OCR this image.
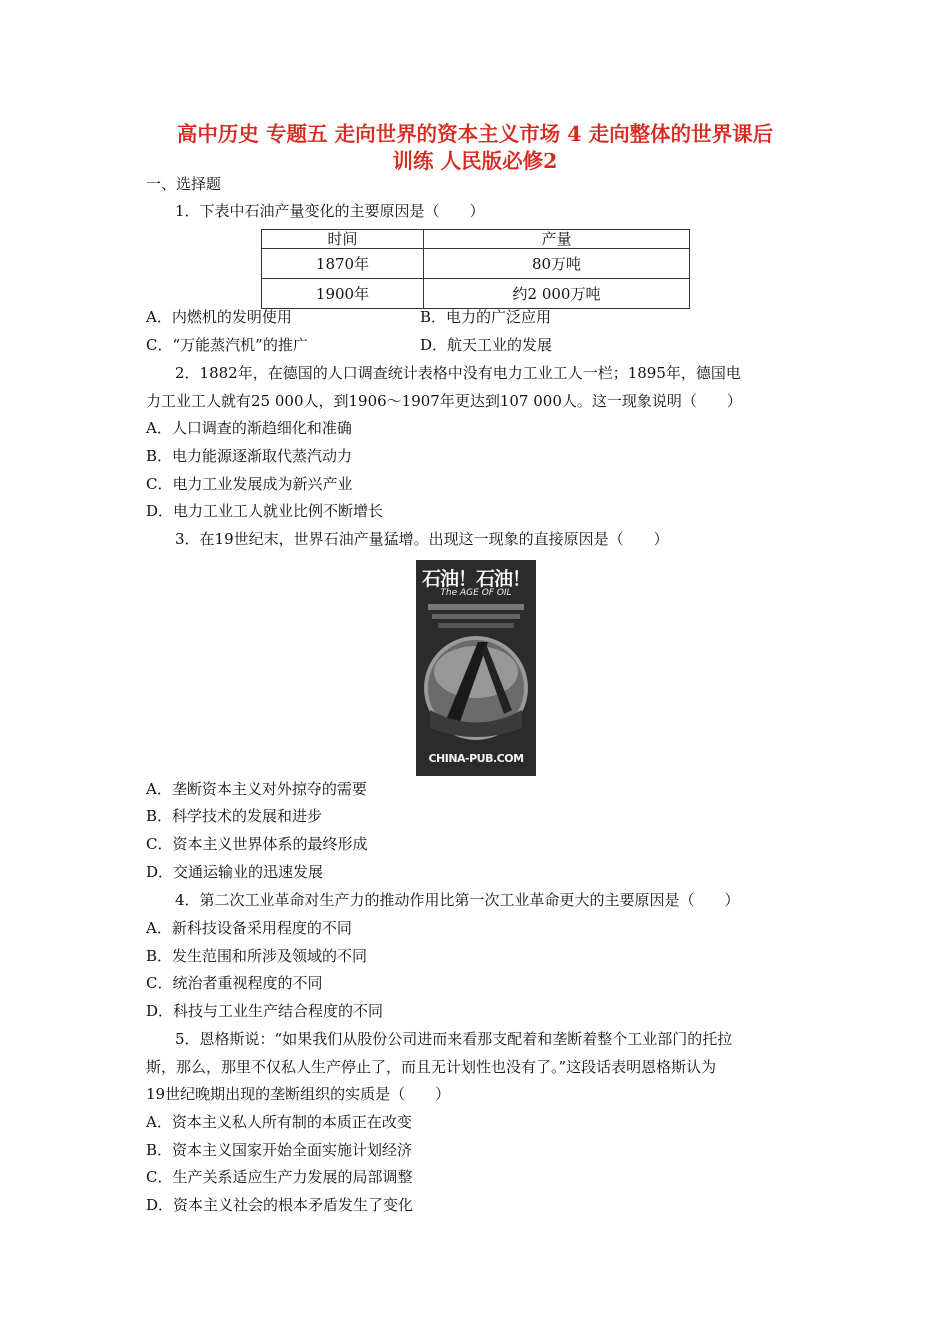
高中历史 专题五 走向世界的资本主义市场 4 走向整体的世界课后
训练 人民版必修2
一、选择题
1．下表中石油产量变化的主要原因是（　　）
时间	产量
1870年	80万吨
1900年	约2 000万吨
A．内燃机的发明使用	B．电力的广泛应用
C．“万能蒸汽机”的推广	D．航天工业的发展
2．1882年，在德国的人口调查统计表格中没有电力工业工人一栏；1895年，德国电
力工业工人就有25 000人，到1906～1907年更达到107 000人。这一现象说明（　　）
A．人口调查的渐趋细化和准确
B．电力能源逐渐取代蒸汽动力
C．电力工业发展成为新兴产业
D．电力工业工人就业比例不断增长
3．在19世纪末，世界石油产量猛增。出现这一现象的直接原因是（　　）
石油！石油！
The AGE OF OIL
CHINA-PUB.COM
A．垄断资本主义对外掠夺的需要
B．科学技术的发展和进步
C．资本主义世界体系的最终形成
D．交通运输业的迅速发展
4．第二次工业革命对生产力的推动作用比第一次工业革命更大的主要原因是（　　）
A．新科技设备采用程度的不同
B．发生范围和所涉及领域的不同
C．统治者重视程度的不同
D．科技与工业生产结合程度的不同
5．恩格斯说：“如果我们从股份公司进而来看那支配着和垄断着整个工业部门的托拉
斯，那么，那里不仅私人生产停止了，而且无计划性也没有了。”这段话表明恩格斯认为
19世纪晚期出现的垄断组织的实质是（　　）
A．资本主义私人所有制的本质正在改变
B．资本主义国家开始全面实施计划经济
C．生产关系适应生产力发展的局部调整
D．资本主义社会的根本矛盾发生了变化
